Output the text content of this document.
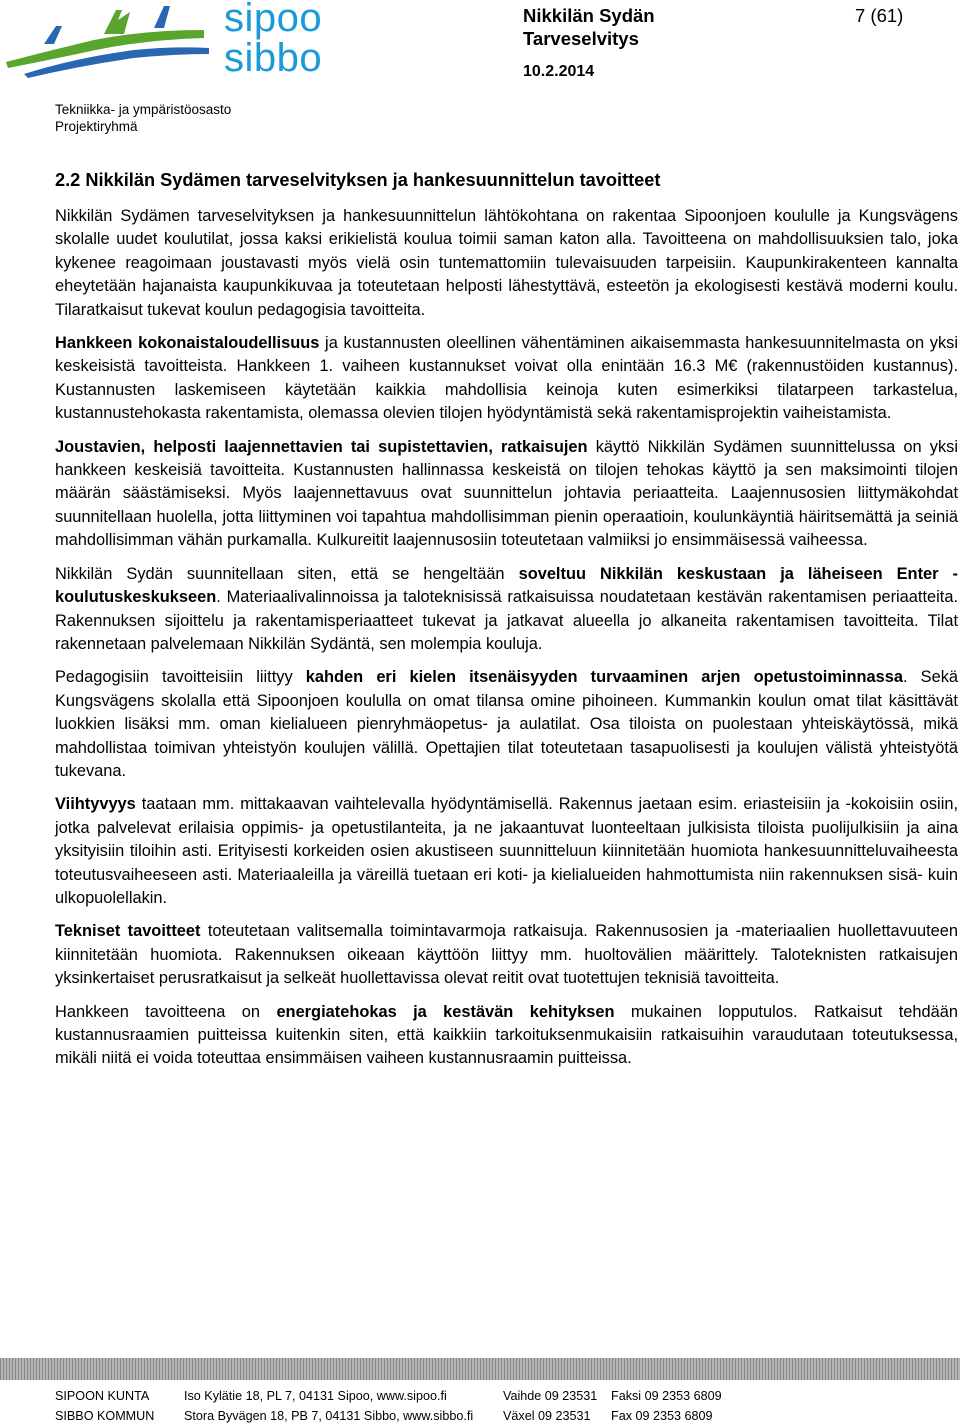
sipoo
sibbo
Tekniikka- ja ympäristöosasto
Projektiryhmä
Nikkilän Sydän
Tarveselvitys
10.2.2014
7 (61)
2.2 Nikkilän Sydämen tarveselvityksen ja hankesuunnittelun tavoitteet

Nikkilän Sydämen tarveselvityksen ja hankesuunnittelun lähtökohtana on rakentaa Sipoonjoen koululle ja Kungsvägens skolalle uudet koulutilat, jossa kaksi erikielistä koulua toimii saman katon alla. Tavoitteena on mahdollisuuksien talo, joka kykenee reagoimaan joustavasti myös vielä osin tuntemattomiin tulevaisuuden tarpeisiin. Kaupunkirakenteen kannalta eheytetään hajanaista kaupunkikuvaa ja toteutetaan helposti lähestyttävä, esteetön ja ekologisesti kestävä moderni koulu. Tilaratkaisut tukevat koulun pedagogisia tavoitteita.

Hankkeen kokonaistaloudellisuus ja kustannusten oleellinen vähentäminen aikaisemmasta hankesuunnitelmasta on yksi keskeisistä tavoitteista. Hankkeen 1. vaiheen kustannukset voivat olla enintään 16.3 M€ (rakennustöiden kustannus). Kustannusten laskemiseen käytetään kaikkia mahdollisia keinoja kuten esimerkiksi tilatarpeen tarkastelua, kustannustehokasta rakentamista, olemassa olevien tilojen hyödyntämistä sekä rakentamisprojektin vaiheistamista.

Joustavien, helposti laajennettavien tai supistettavien, ratkaisujen käyttö Nikkilän Sydämen suunnittelussa on yksi hankkeen keskeisiä tavoitteita. Kustannusten hallinnassa keskeistä on tilojen tehokas käyttö ja sen maksimointi tilojen määrän säästämiseksi. Myös laajennettavuus ovat suunnittelun johtavia periaatteita. Laajennusosien liittymäkohdat suunnitellaan huolella, jotta liittyminen voi tapahtua mahdollisimman pienin operaatioin, koulunkäyntiä häiritsemättä ja seiniä mahdollisimman vähän purkamalla. Kulkureitit laajennusosiin toteutetaan valmiiksi jo ensimmäisessä vaiheessa.

Nikkilän Sydän suunnitellaan siten, että se hengeltään soveltuu Nikkilän keskustaan ja läheiseen Enter -koulutuskeskukseen. Materiaalivalinnoissa ja taloteknisissä ratkaisuissa noudatetaan kestävän rakentamisen periaatteita. Rakennuksen sijoittelu ja rakentamisperiaatteet tukevat ja jatkavat alueella jo alkaneita rakentamisen tavoitteita. Tilat rakennetaan palvelemaan Nikkilän Sydäntä, sen molempia kouluja.

Pedagogisiin tavoitteisiin liittyy kahden eri kielen itsenäisyyden turvaaminen arjen opetustoiminnassa. Sekä Kungsvägens skolalla että Sipoonjoen koululla on omat tilansa omine pihoineen. Kummankin koulun omat tilat käsittävät luokkien lisäksi mm. oman kielialueen pienryhmäopetus- ja aulatilat. Osa tiloista on puolestaan yhteiskäytössä, mikä mahdollistaa toimivan yhteistyön koulujen välillä. Opettajien tilat toteutetaan tasapuolisesti ja koulujen välistä yhteistyötä tukevana.

Viihtyvyys taataan mm. mittakaavan vaihtelevalla hyödyntämisellä. Rakennus jaetaan esim. eriasteisiin ja -kokoisiin osiin, jotka palvelevat erilaisia oppimis- ja opetustilanteita, ja ne jakaantuvat luonteeltaan julkisista tiloista puolijulkisiin ja aina yksityisiin tiloihin asti. Erityisesti korkeiden osien akustiseen suunnitteluun kiinnitetään huomiota hankesuunnitteluvaiheesta toteutusvaiheeseen asti. Materiaaleilla ja väreillä tuetaan eri koti- ja kielialueiden hahmottumista niin rakennuksen sisä- kuin ulkopuolellakin.

Tekniset tavoitteet toteutetaan valitsemalla toimintavarmoja ratkaisuja. Rakennusosien ja -materiaalien huollettavuuteen kiinnitetään huomiota. Rakennuksen oikeaan käyttöön liittyy mm. huoltovälien määrittely. Taloteknisten ratkaisujen yksinkertaiset perusratkaisut ja selkeät huollettavissa olevat reitit ovat tuotettujen teknisiä tavoitteita.

Hankkeen tavoitteena on energiatehokas ja kestävän kehityksen mukainen lopputulos. Ratkaisut tehdään kustannusraamien puitteissa kuitenkin siten, että kaikkiin tarkoituksenmukaisiin ratkaisuihin varaudutaan toteutuksessa, mikäli niitä ei voida toteuttaa ensimmäisen vaiheen kustannusraamin puitteissa.

SIPOON KUNTA	Iso Kylätie 18, PL 7, 04131 Sipoo, www.sipoo.fi	Vaihde 09 23531 Faksi 09 2353 6809
SIBBO KOMMUN Stora Byvägen 18, PB 7, 04131 Sibbo, www.sibbo.fi Växel 09 23531 Fax 09 2353 6809
